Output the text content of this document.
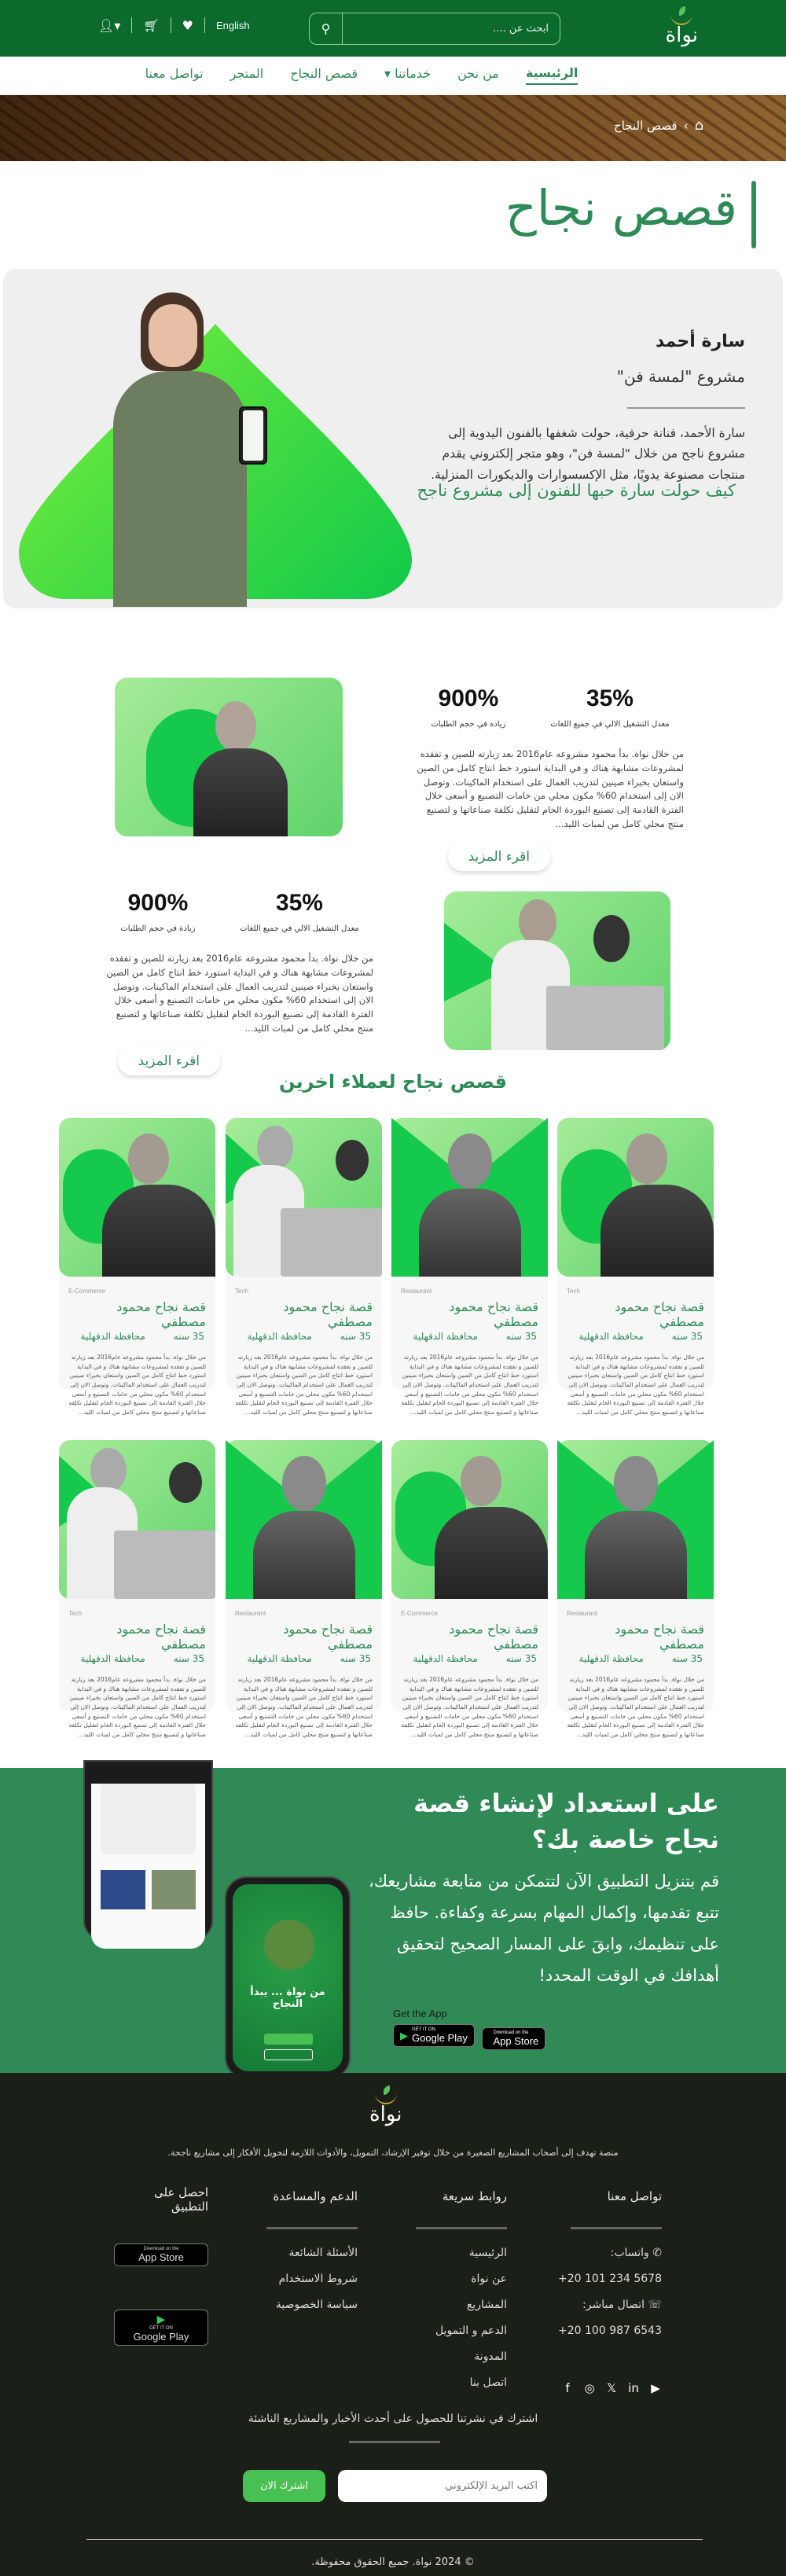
نواة
ابحث عن ....
⚲
👤︎▾ 🛒︎ ♥ English
الرئيسية
من نحن
خدماتنا ▾
قصص النجاح
المتجر
تواصل معنا
⌂
›
قصص النجاح
قصص نجاح
سارة أحمد
مشروع "لمسة فن"

سارة الأحمد، فنانة حرفية، حولت شغفها بالفنون اليدوية إلى مشروع ناجح من خلال "لمسة فن"، وهو متجر إلكتروني يقدم منتجات مصنوعة يدويًا، مثل الإكسسوارات والديكورات المنزلية.

كيف حولت سارة حبها للفنون إلى مشروع ناجح
35%
معدل التشغيل الالي في جميع اللغات
900%
زيادة في حجم الطلبات

من خلال نواة. بدأ محمود مشروعه عام2016 بعد زيارته للصين و تفقده لمشروعات مشابهة هناك و في البداية استورد خط انتاج كامل من الصين واستعان بخبراء صينين لتدريب العمال على استخدام الماكينات. وتوصل الان إلى استخدام 60% مكون محلي من خامات التصنيع و أسعى خلال الفترة القادمة إلى تصنيع البوردة الخام لتقليل تكلفة صناعاتها و لتصنيع منتج محلي كامل من لمبات الليد...

اقرء المزيد
35%
معدل التشغيل الالي في جميع اللغات
900%
زيادة في حجم الطلبات

من خلال نواة. بدأ محمود مشروعه عام2016 بعد زيارته للصين و تفقده لمشروعات مشابهة هناك و في البداية استورد خط انتاج كامل من الصين واستعان بخبراء صينين لتدريب العمال على استخدام الماكينات. وتوصل الان إلى استخدام 60% مكون محلي من خامات التصنيع و أسعى خلال الفترة القادمة إلى تصنيع البوردة الخام لتقليل تكلفة صناعاتها و لتصنيع منتج محلي كامل من لمبات الليد...

اقرء المزيد
قصص نجاح لعملاء اخرين
Tech
قصة نجاح محمود مصطفي
35 سنه
محافظة الدقهلية
من خلال نواة. بدأ محمود مشروعه عام2016 بعد زيارته للصين و تفقده لمشروعات مشابهة هناك و في البداية استورد خط انتاج كامل من الصين واستعان بخبراء صينين لتدريب العمال على استخدام الماكينات. وتوصل الان إلى استخدام 60% مكون محلي من خامات التصنيع و أسعى خلال الفترة القادمة إلى تصنيع البوردة الخام لتقليل تكلفة صناعاتها و لتصنيع منتج محلي كامل من لمبات الليد...
Restaurant
قصة نجاح محمود مصطفي
35 سنه
محافظة الدقهلية
من خلال نواة. بدأ محمود مشروعه عام2016 بعد زيارته للصين و تفقده لمشروعات مشابهة هناك و في البداية استورد خط انتاج كامل من الصين واستعان بخبراء صينين لتدريب العمال على استخدام الماكينات. وتوصل الان إلى استخدام 60% مكون محلي من خامات التصنيع و أسعى خلال الفترة القادمة إلى تصنيع البوردة الخام لتقليل تكلفة صناعاتها و لتصنيع منتج محلي كامل من لمبات الليد...
Tech
قصة نجاح محمود مصطفي
35 سنه
محافظة الدقهلية
من خلال نواة. بدأ محمود مشروعه عام2016 بعد زيارته للصين و تفقده لمشروعات مشابهة هناك و في البداية استورد خط انتاج كامل من الصين واستعان بخبراء صينين لتدريب العمال على استخدام الماكينات. وتوصل الان إلى استخدام 60% مكون محلي من خامات التصنيع و أسعى خلال الفترة القادمة إلى تصنيع البوردة الخام لتقليل تكلفة صناعاتها و لتصنيع منتج محلي كامل من لمبات الليد...
E-Commerce
قصة نجاح محمود مصطفي
35 سنه
محافظة الدقهلية
من خلال نواة. بدأ محمود مشروعه عام2016 بعد زيارته للصين و تفقده لمشروعات مشابهة هناك و في البداية استورد خط انتاج كامل من الصين واستعان بخبراء صينين لتدريب العمال على استخدام الماكينات. وتوصل الان إلى استخدام 60% مكون محلي من خامات التصنيع و أسعى خلال الفترة القادمة إلى تصنيع البوردة الخام لتقليل تكلفة صناعاتها و لتصنيع منتج محلي كامل من لمبات الليد...
Restaurant
قصة نجاح محمود مصطفي
35 سنه
محافظة الدقهلية
من خلال نواة. بدأ محمود مشروعه عام2016 بعد زيارته للصين و تفقده لمشروعات مشابهة هناك و في البداية استورد خط انتاج كامل من الصين واستعان بخبراء صينين لتدريب العمال على استخدام الماكينات. وتوصل الان إلى استخدام 60% مكون محلي من خامات التصنيع و أسعى خلال الفترة القادمة إلى تصنيع البوردة الخام لتقليل تكلفة صناعاتها و لتصنيع منتج محلي كامل من لمبات الليد...
E-Commerce
قصة نجاح محمود مصطفي
35 سنه
محافظة الدقهلية
من خلال نواة. بدأ محمود مشروعه عام2016 بعد زيارته للصين و تفقده لمشروعات مشابهة هناك و في البداية استورد خط انتاج كامل من الصين واستعان بخبراء صينين لتدريب العمال على استخدام الماكينات. وتوصل الان إلى استخدام 60% مكون محلي من خامات التصنيع و أسعى خلال الفترة القادمة إلى تصنيع البوردة الخام لتقليل تكلفة صناعاتها و لتصنيع منتج محلي كامل من لمبات الليد...
Restaurant
قصة نجاح محمود مصطفي
35 سنه
محافظة الدقهلية
من خلال نواة. بدأ محمود مشروعه عام2016 بعد زيارته للصين و تفقده لمشروعات مشابهة هناك و في البداية استورد خط انتاج كامل من الصين واستعان بخبراء صينين لتدريب العمال على استخدام الماكينات. وتوصل الان إلى استخدام 60% مكون محلي من خامات التصنيع و أسعى خلال الفترة القادمة إلى تصنيع البوردة الخام لتقليل تكلفة صناعاتها و لتصنيع منتج محلي كامل من لمبات الليد...
Tech
قصة نجاح محمود مصطفي
35 سنه
محافظة الدقهلية
من خلال نواة. بدأ محمود مشروعه عام2016 بعد زيارته للصين و تفقده لمشروعات مشابهة هناك و في البداية استورد خط انتاج كامل من الصين واستعان بخبراء صينين لتدريب العمال على استخدام الماكينات. وتوصل الان إلى استخدام 60% مكون محلي من خامات التصنيع و أسعى خلال الفترة القادمة إلى تصنيع البوردة الخام لتقليل تكلفة صناعاتها و لتصنيع منتج محلي كامل من لمبات الليد...
من نواة ... يبدأ النجاح
على استعداد لإنشاء قصة نجاح خاصة بك؟

قم بتنزيل التطبيق الآن لتتمكن من متابعة مشاريعك، تتبع تقدمها، وإكمال المهام بسرعة وكفاءة. حافظ على تنظيمك، وابقَ على المسار الصحيح لتحقيق أهدافك في الوقت المحدد!

Get the App
▶ GET IT ON
Google Play
	Download on the
App Store
نواة

منصة تهدف إلى أصحاب المشاريع الصغيرة من خلال توفير الإرشاد، التمويل، والأدوات اللازمة لتحويل الأفكار إلى مشاريع ناجحة.

تواصل معنا
✆ واتساب:
+20 101 234 5678
☏ اتصال مباشر:
+20 100 987 6543
f	◎ 𝕏 in ▶
روابط سريعة
الرئيسية
عن نواة
المشاريع
الدعم و التمويل
المدونة
اتصل بنا
الدعم والمساعدة
الأسئلة الشائعة
شروط الاستخدام
سياسة الخصوصية
احصل على التطبيق
Download on the
App Store

▶
GET IT ON
Google Play

اشترك في نشرتنا للحصول على أحدث الأخبار والمشاريع الناشئة

اكتب البريد الإلكتروني
اشترك الان

© 2024 نواة. جميع الحقوق محفوظة.
